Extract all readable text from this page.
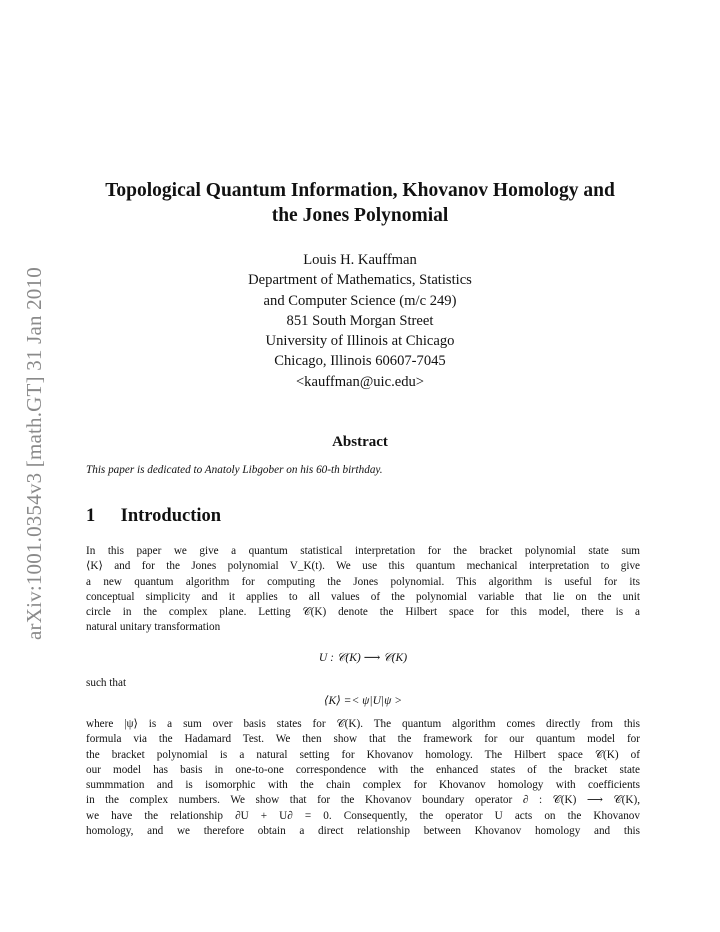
arXiv:1001.0354v3 [math.GT] 31 Jan 2010
Topological Quantum Information, Khovanov Homology and
the Jones Polynomial
Louis H. Kauffman
Department of Mathematics, Statistics
and Computer Science (m/c 249)
851 South Morgan Street
University of Illinois at Chicago
Chicago, Illinois 60607-7045
<kauffman@uic.edu>
Abstract
This paper is dedicated to Anatoly Libgober on his 60-th birthday.
1 Introduction
In this paper we give a quantum statistical interpretation for the bracket polynomial state sum
⟨K⟩ and for the Jones polynomial V_K(t). We use this quantum mechanical interpretation to give
a new quantum algorithm for computing the Jones polynomial. This algorithm is useful for its
conceptual simplicity and it applies to all values of the polynomial variable that lie on the unit
circle in the complex plane. Letting 𝒞(K) denote the Hilbert space for this model, there is a
natural unitary transformation
U : 𝒞(K) ⟶ 𝒞(K)
such that
⟨K⟩ =< ψ|U|ψ >
where |ψ⟩ is a sum over basis states for 𝒞(K). The quantum algorithm comes directly from this
formula via the Hadamard Test. We then show that the framework for our quantum model for
the bracket polynomial is a natural setting for Khovanov homology. The Hilbert space 𝒞(K) of
our model has basis in one-to-one correspondence with the enhanced states of the bracket state
summmation and is isomorphic with the chain complex for Khovanov homology with coefficients
in the complex numbers. We show that for the Khovanov boundary operator ∂ : 𝒞(K) ⟶ 𝒞(K),
we have the relationship ∂U + U∂ = 0. Consequently, the operator U acts on the Khovanov
homology, and we therefore obtain a direct relationship between Khovanov homology and this
